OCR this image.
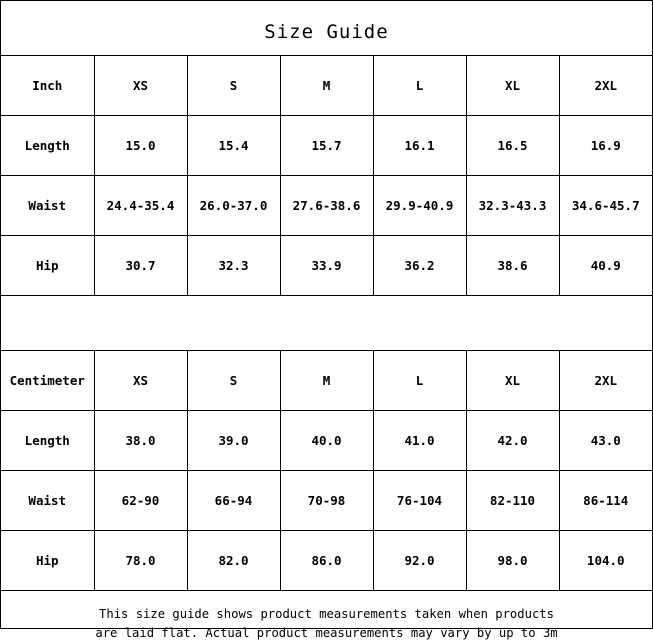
Size Guide
Inch	XS	S	M	L	XL	2XL
Length	15.0	15.4	15.7	16.1	16.5	16.9
Waist	24.4-35.4	26.0-37.0	27.6-38.6	29.9-40.9	32.3-43.3	34.6-45.7
Hip	30.7	32.3	33.9	36.2	38.6	40.9
Centimeter	XS	S	M	L	XL	2XL
Length	38.0	39.0	40.0	41.0	42.0	43.0
Waist	62-90	66-94	70-98	76-104	82-110	86-114
Hip	78.0	82.0	86.0	92.0	98.0	104.0
This size guide shows product measurements taken when products
are laid flat. Actual product measurements may vary by up to 3m
